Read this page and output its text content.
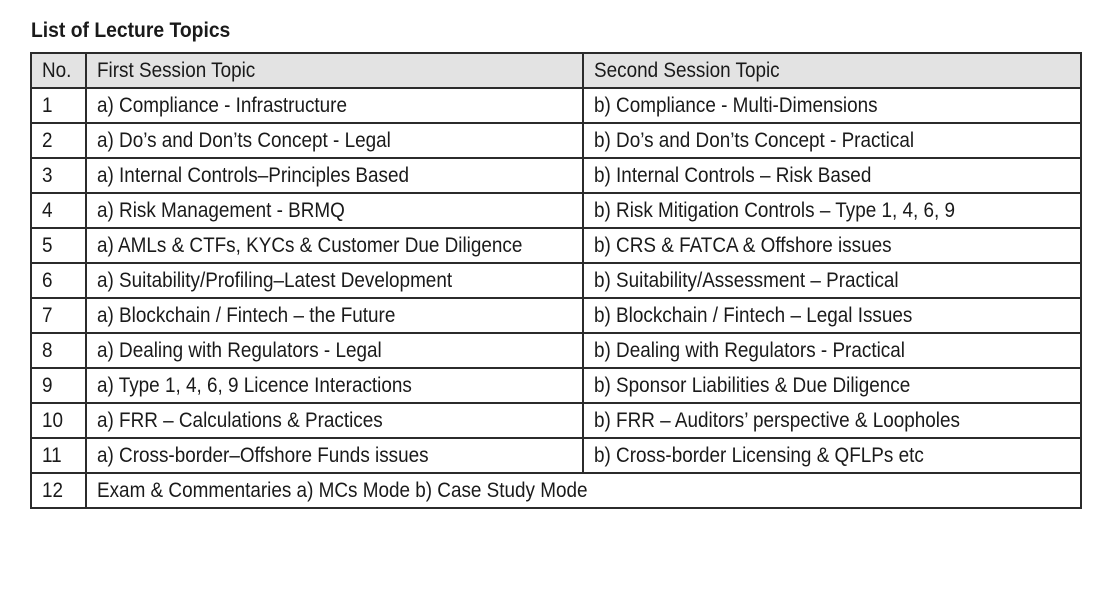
List of Lecture Topics
No.	First Session Topic	Second Session Topic
1	a) Compliance - Infrastructure	b) Compliance - Multi-Dimensions
2	a) Do’s and Don’ts Concept - Legal	b) Do’s and Don’ts Concept - Practical
3	a) Internal Controls–Principles Based	b) Internal Controls – Risk Based
4	a) Risk Management - BRMQ	b) Risk Mitigation Controls – Type 1, 4, 6, 9
5	a) AMLs & CTFs, KYCs & Customer Due Diligence	b) CRS & FATCA & Offshore issues
6	a) Suitability/Profiling–Latest Development	b) Suitability/Assessment – Practical
7	a) Blockchain / Fintech – the Future	b) Blockchain / Fintech – Legal Issues
8	a) Dealing with Regulators - Legal	b) Dealing with Regulators - Practical
9	a) Type 1, 4, 6, 9 Licence Interactions	b) Sponsor Liabilities & Due Diligence
10	a) FRR – Calculations & Practices	b) FRR – Auditors’ perspective & Loopholes
11	a) Cross-border–Offshore Funds issues	b) Cross-border Licensing & QFLPs etc
12	Exam & Commentaries a) MCs Mode b) Case Study Mode	
